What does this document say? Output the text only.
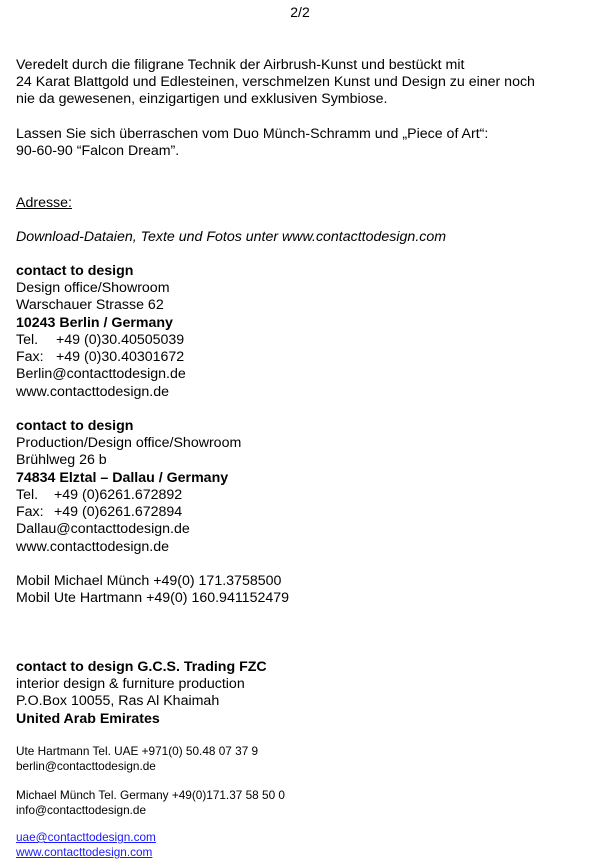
2/2
Veredelt durch die filigrane Technik der Airbrush-Kunst und bestückt mit
24 Karat Blattgold und Edlesteinen, verschmelzen Kunst und Design zu einer noch
nie da gewesenen, einzigartigen und exklusiven Symbiose.
Lassen Sie sich überraschen vom Duo Münch-Schramm und „Piece of Art“:
90-60-90 “Falcon Dream”.
Adresse:
Download-Dataien, Texte und Fotos unter www.contacttodesign.com
contact to design
Design office/Showroom
Warschauer Strasse 62
10243 Berlin / Germany
Tel. +49 (0)30.40505039
Fax: +49 (0)30.40301672
Berlin@contacttodesign.de
www.contacttodesign.de
contact to design
Production/Design office/Showroom
Brühlweg 26 b
74834 Elztal – Dallau / Germany
Tel. +49 (0)6261.672892
Fax: +49 (0)6261.672894
Dallau@contacttodesign.de
www.contacttodesign.de
Mobil Michael Münch +49(0) 171.3758500
Mobil Ute Hartmann +49(0) 160.941152479
contact to design G.C.S. Trading FZC
interior design & furniture production
P.O.Box 10055, Ras Al Khaimah
United Arab Emirates
Ute Hartmann Tel. UAE +971(0) 50.48 07 37 9
berlin@contacttodesign.de
Michael Münch Tel. Germany +49(0)171.37 58 50 0
info@contacttodesign.de
uae@contacttodesign.com
www.contacttodesign.com
